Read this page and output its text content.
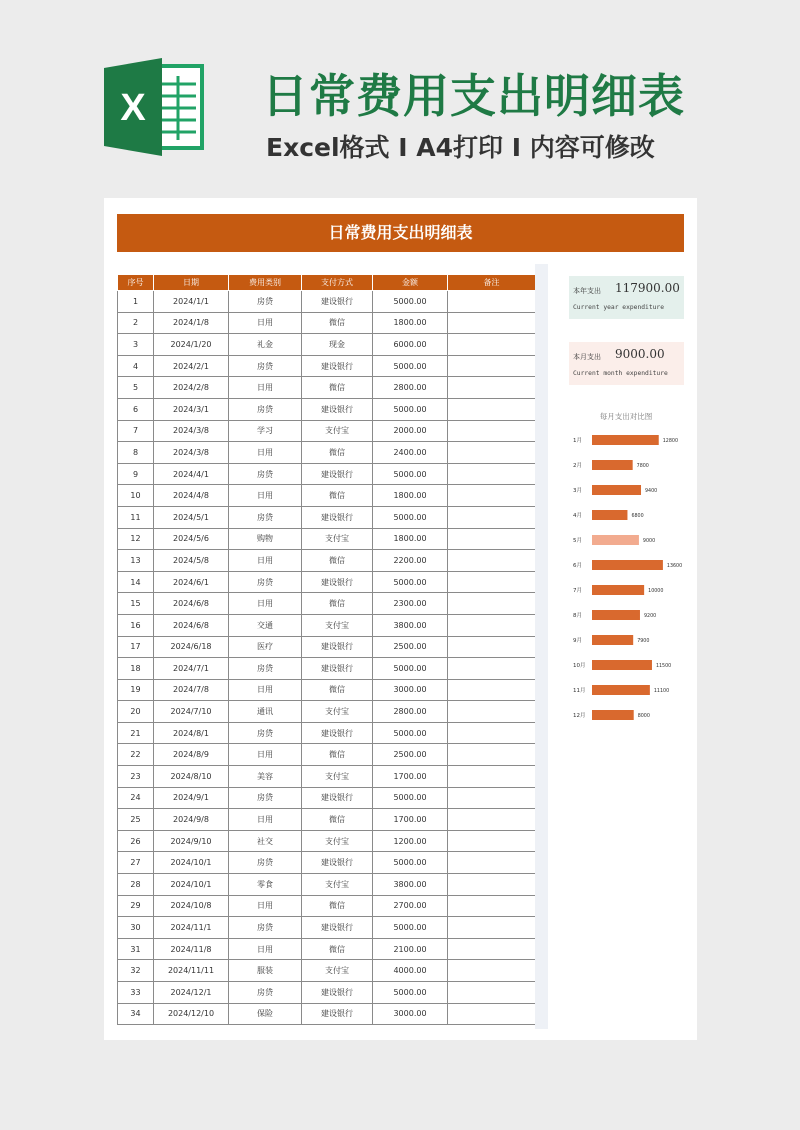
X	日常费用支出明细表
Excel格式 I A4打印 I 内容可修改
日常费用支出明细表
序号	日期	费用类别	支付方式	金额	备注
1	2024/1/1	房贷	建设银行	5000.00	
2	2024/1/8	日用	微信	1800.00	
3	2024/1/20	礼金	现金	6000.00	
4	2024/2/1	房贷	建设银行	5000.00	
5	2024/2/8	日用	微信	2800.00	
6	2024/3/1	房贷	建设银行	5000.00	
7	2024/3/8	学习	支付宝	2000.00	
8	2024/3/8	日用	微信	2400.00	
9	2024/4/1	房贷	建设银行	5000.00	
10	2024/4/8	日用	微信	1800.00	
11	2024/5/1	房贷	建设银行	5000.00	
12	2024/5/6	购物	支付宝	1800.00	
13	2024/5/8	日用	微信	2200.00	
14	2024/6/1	房贷	建设银行	5000.00	
15	2024/6/8	日用	微信	2300.00	
16	2024/6/8	交通	支付宝	3800.00	
17	2024/6/18	医疗	建设银行	2500.00	
18	2024/7/1	房贷	建设银行	5000.00	
19	2024/7/8	日用	微信	3000.00	
20	2024/7/10	通讯	支付宝	2800.00	
21	2024/8/1	房贷	建设银行	5000.00	
22	2024/8/9	日用	微信	2500.00	
23	2024/8/10	美容	支付宝	1700.00	
24	2024/9/1	房贷	建设银行	5000.00	
25	2024/9/8	日用	微信	1700.00	
26	2024/9/10	社交	支付宝	1200.00	
27	2024/10/1	房贷	建设银行	5000.00	
28	2024/10/1	零食	支付宝	3800.00	
29	2024/10/8	日用	微信	2700.00	
30	2024/11/1	房贷	建设银行	5000.00	
31	2024/11/8	日用	微信	2100.00	
32	2024/11/11	服装	支付宝	4000.00	
33	2024/12/1	房贷	建设银行	5000.00	
34	2024/12/10	保险	建设银行	3000.00	
本年支出 117900.00
Current year expenditure
本月支出 9000.00
Current month expenditure
每月支出对比图
1月	12800
2月	7800
3月	9400
4月	6800
5月	9000
6月	13600
7月	10000
8月	9200
9月	7900
10月	11500
11月	11100
12月	8000
